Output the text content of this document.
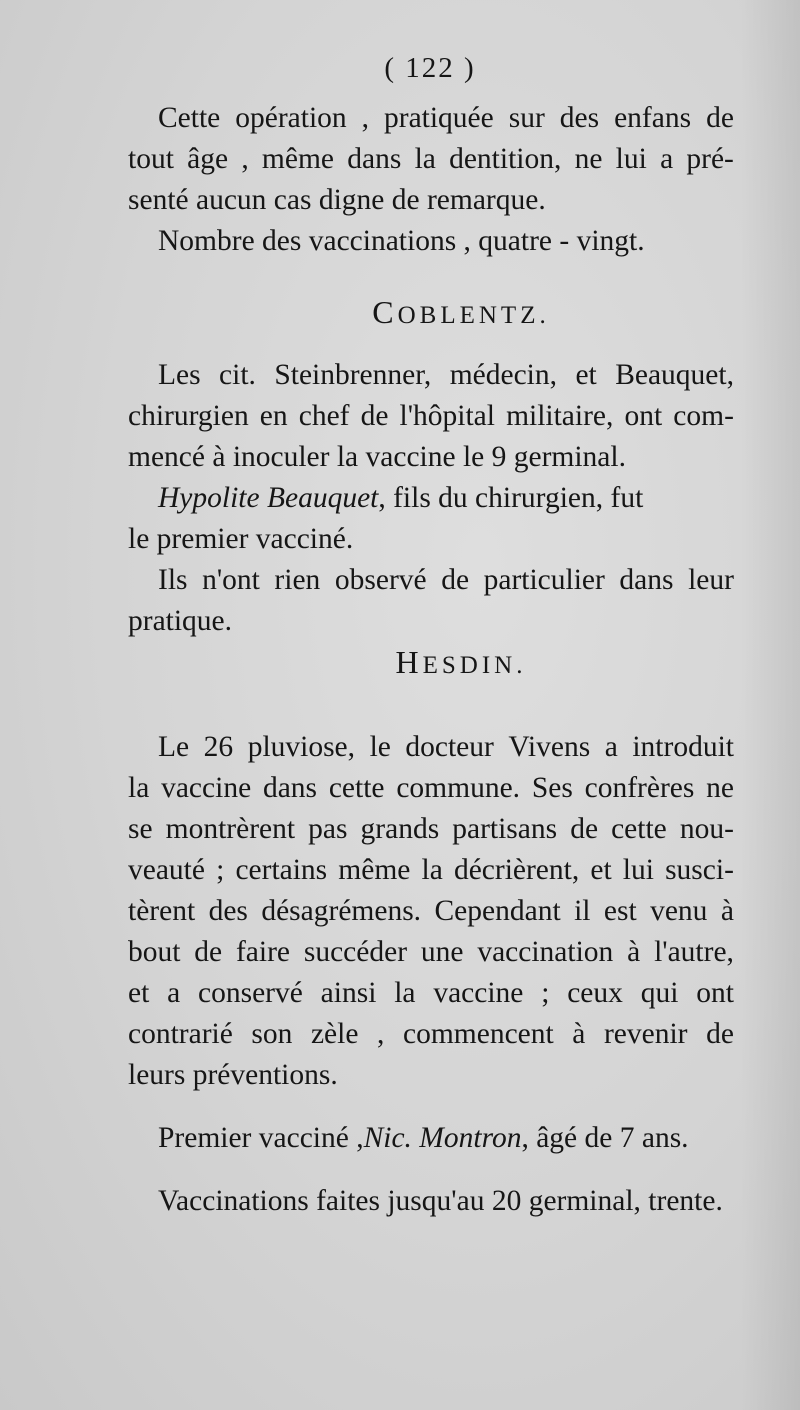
( 122 )
Cette opération , pratiquée sur des enfans de
tout âge , même dans la dentition, ne lui a pré-
senté aucun cas digne de remarque.
Nombre des vaccinations , quatre - vingt.
COBLENTZ.
Les cit. Steinbrenner, médecin, et Beauquet,
chirurgien en chef de l'hôpital militaire, ont com-
mencé à inoculer la vaccine le 9 germinal.
Hypolite Beauquet, fils du chirurgien, fut
le premier vacciné.
Ils n'ont rien observé de particulier dans leur
pratique.
HESDIN.
Le 26 pluviose, le docteur Vivens a introduit
la vaccine dans cette commune. Ses confrères ne
se montrèrent pas grands partisans de cette nou-
veauté ; certains même la décrièrent, et lui susci-
tèrent des désagrémens. Cependant il est venu à
bout de faire succéder une vaccination à l'autre,
et a conservé ainsi la vaccine ; ceux qui ont
contrarié son zèle , commencent à revenir de
leurs préventions.
Premier vacciné ,Nic. Montron, âgé de 7 ans.
Vaccinations faites jusqu'au 20 germinal, trente.
